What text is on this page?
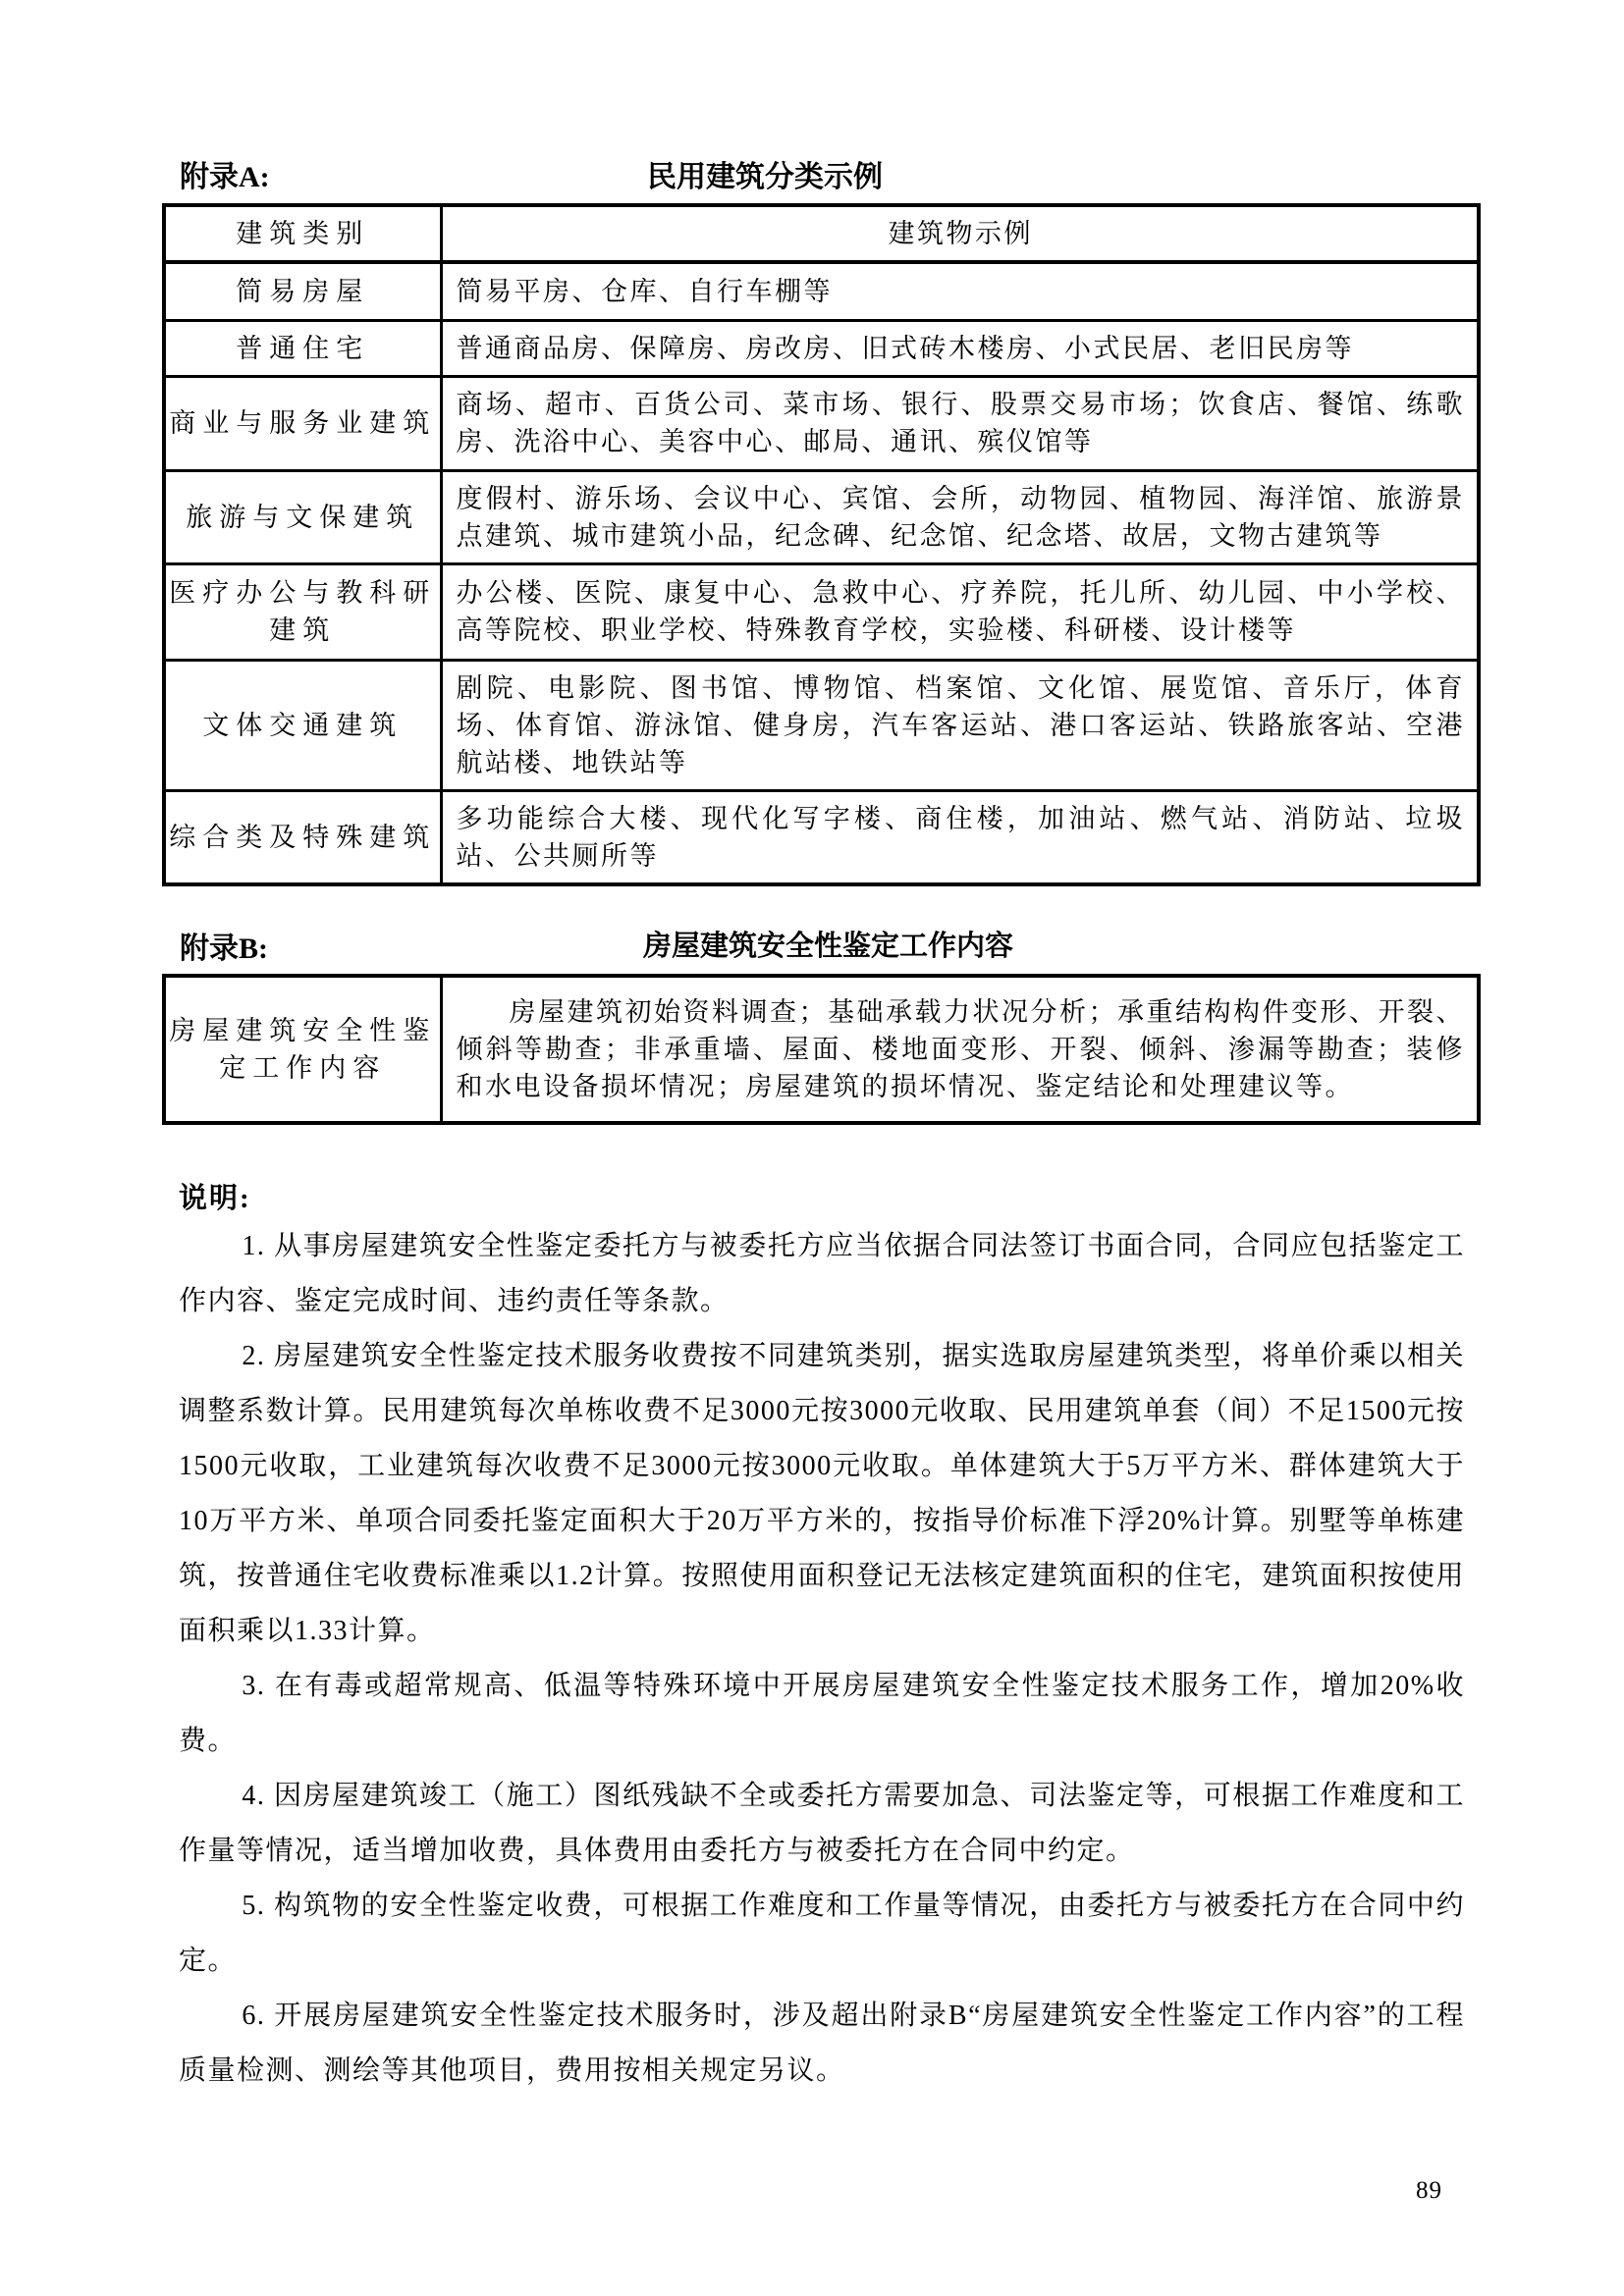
附录A:	民用建筑分类示例
建筑类别	建筑物示例
简易房屋	简易平房、仓库、自行车棚等
普通住宅	普通商品房、保障房、房改房、旧式砖木楼房、小式民居、老旧民房等
商业与服务业建筑	商场、超市、百货公司、菜市场、银行、股票交易市场；饮食店、餐馆、练歌房、洗浴中心、美容中心、邮局、通讯、殡仪馆等
旅游与文保建筑	度假村、游乐场、会议中心、宾馆、会所，动物园、植物园、海洋馆、旅游景点建筑、城市建筑小品，纪念碑、纪念馆、纪念塔、故居，文物古建筑等
医疗办公与教科研建筑	办公楼、医院、康复中心、急救中心、疗养院，托儿所、幼儿园、中小学校、高等院校、职业学校、特殊教育学校，实验楼、科研楼、设计楼等
文体交通建筑	剧院、电影院、图书馆、博物馆、档案馆、文化馆、展览馆、音乐厅，体育场、体育馆、游泳馆、健身房，汽车客运站、港口客运站、铁路旅客站、空港航站楼、地铁站等
综合类及特殊建筑	多功能综合大楼、现代化写字楼、商住楼，加油站、燃气站、消防站、垃圾站、公共厕所等
附录B:	房屋建筑安全性鉴定工作内容
房屋建筑安全性鉴定工作内容	房屋建筑初始资料调查；基础承载力状况分析；承重结构构件变形、开裂、倾斜等勘查；非承重墙、屋面、楼地面变形、开裂、倾斜、渗漏等勘查；装修和水电设备损坏情况；房屋建筑的损坏情况、鉴定结论和处理建议等。
说明:

1. 从事房屋建筑安全性鉴定委托方与被委托方应当依据合同法签订书面合同，合同应包括鉴定工作内容、鉴定完成时间、违约责任等条款。

2. 房屋建筑安全性鉴定技术服务收费按不同建筑类别，据实选取房屋建筑类型，将单价乘以相关调整系数计算。民用建筑每次单栋收费不足3000元按3000元收取、民用建筑单套（间）不足1500元按1500元收取，工业建筑每次收费不足3000元按3000元收取。单体建筑大于5万平方米、群体建筑大于10万平方米、单项合同委托鉴定面积大于20万平方米的，按指导价标准下浮20%计算。别墅等单栋建筑，按普通住宅收费标准乘以1.2计算。按照使用面积登记无法核定建筑面积的住宅，建筑面积按使用面积乘以1.33计算。

3. 在有毒或超常规高、低温等特殊环境中开展房屋建筑安全性鉴定技术服务工作，增加20%收费。

4. 因房屋建筑竣工（施工）图纸残缺不全或委托方需要加急、司法鉴定等，可根据工作难度和工作量等情况，适当增加收费，具体费用由委托方与被委托方在合同中约定。

5. 构筑物的安全性鉴定收费，可根据工作难度和工作量等情况，由委托方与被委托方在合同中约定。

6. 开展房屋建筑安全性鉴定技术服务时，涉及超出附录B“房屋建筑安全性鉴定工作内容”的工程质量检测、测绘等其他项目，费用按相关规定另议。

89
